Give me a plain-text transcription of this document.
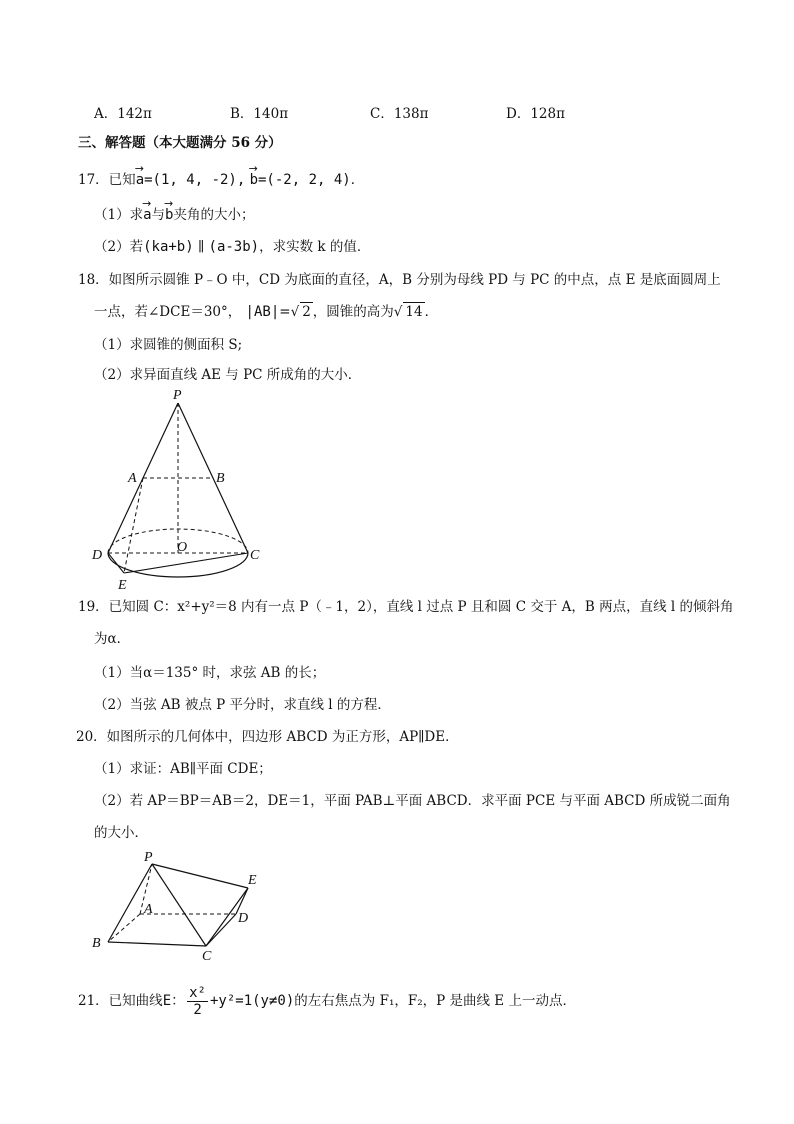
A．142π	B．140π	C．138π	D．128π
三、解答题（本大题满分 56 分）
17．已知→ a=(1, 4, -2), → b=(-2, 2, 4)．
（1）求→ a与→ b夹角的大小；
（2）若(ka+b) ∥ (a-3b)，求实数 k 的值．
18．如图所示圆锥 P﹣O 中，CD 为底面的直径，A，B 分别为母线 PD 与 PC 的中点，点 E 是底面圆周上
一点，若∠DCE＝30°， |AB|=√ 2 ，圆锥的高为√ 14 ．
（1）求圆锥的侧面积 S;
（2）求异面直线 AE 与 PC 所成角的大小．
P
A	B
O
D	C
E
19．已知圆 C：x²+y²＝8 内有一点 P（﹣1，2），直线 l 过点 P 且和圆 C 交于 A，B 两点，直线 l 的倾斜角
为α．
（1）当α＝135° 时，求弦 AB 的长；
（2）当弦 AB 被点 P 平分时，求直线 l 的方程．
20．如图所示的几何体中，四边形 ABCD 为正方形，AP∥DE．
（1）求证：AB∥平面 CDE；
（2）若 AP＝BP＝AB＝2，DE＝1，平面 PAB⊥平面 ABCD．求平面 PCE 与平面 ABCD 所成锐二面角
的大小．
P
E
A
D
B
C
21．已知曲线E： $\frac{\text{x²}}{2} +y^2=1(y\ne 0)$的左右焦点为 F₁，F₂，P 是曲线 E 上一动点．
